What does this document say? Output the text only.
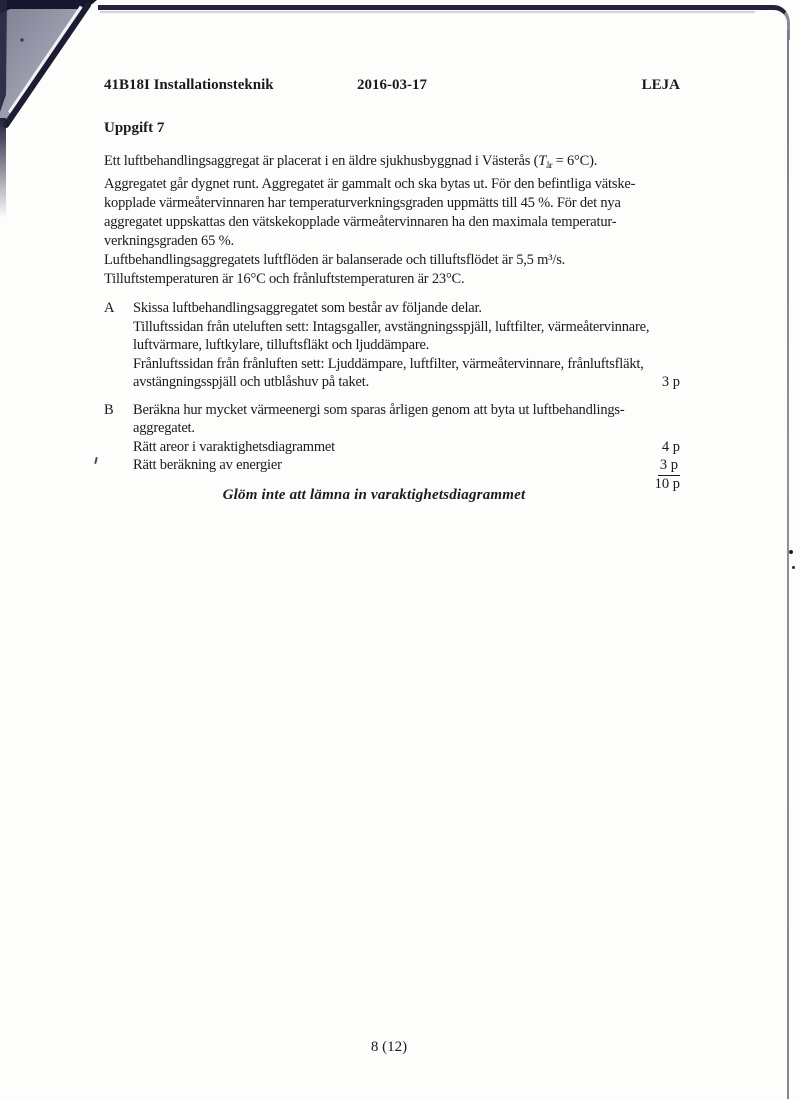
41B18I Installationsteknik	2016-03-17	LEJA
Uppgift 7
Ett luftbehandlingsaggregat är placerat i en äldre sjukhusbyggnad i Västerås $(T_{år} = 6^\circ C)$.
Aggregatet går dygnet runt. Aggregatet är gammalt och ska bytas ut. För den befintliga vätske-
kopplade värmeåtervinnaren har temperaturverkningsgraden uppmätts till 45 %. För det nya
aggregatet uppskattas den vätskekopplade värmeåtervinnaren ha den maximala temperatur-
verkningsgraden 65 %.
Luftbehandlingsaggregatets luftflöden är balanserade och tilluftsflödet är 5,5 m³/s.
Tilluftstemperaturen är 16°C och frånluftstemperaturen är 23°C.
A	Skissa luftbehandlingsaggregatet som består av följande delar.
Tilluftssidan från uteluften sett: Intagsgaller, avstängningsspjäll, luftfilter, värmeåtervinnare,
luftvärmare, luftkylare, tilluftsfläkt och ljuddämpare.
Frånluftssidan från frånluften sett: Ljuddämpare, luftfilter, värmeåtervinnare, frånluftsfläkt,
avstängningsspjäll och utblåshuv på taket.	3 p
B	Beräkna hur mycket värmeenergi som sparas årligen genom att byta ut luftbehandlings-
aggregatet.
Rätt areor i varaktighetsdiagrammet	4 p
Rätt beräkning av energier	3 p
10 p
Glöm inte att lämna in varaktighetsdiagrammet
8 (12)
